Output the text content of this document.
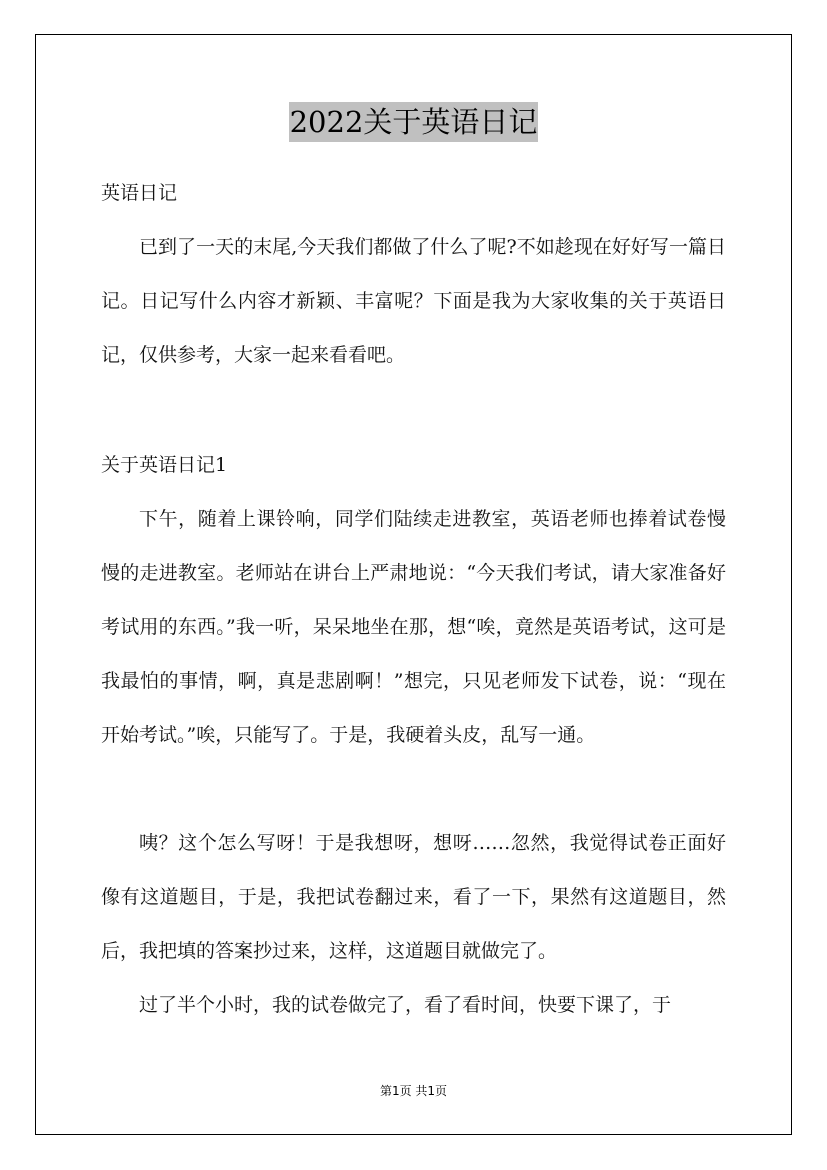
2022关于英语日记

英语日记

已到了一天的末尾,今天我们都做了什么了呢?不如趁现在好好写一篇日记。日记写什么内容才新颖、丰富呢？下面是我为大家收集的关于英语日记，仅供参考，大家一起来看看吧。

关于英语日记1

下午，随着上课铃响，同学们陆续走进教室，英语老师也捧着试卷慢慢的走进教室。老师站在讲台上严肃地说：“今天我们考试，请大家准备好考试用的东西。”我一听，呆呆地坐在那，想“唉，竟然是英语考试，这可是我最怕的事情，啊，真是悲剧啊！”想完，只见老师发下试卷，说：“现在开始考试。”唉，只能写了。于是，我硬着头皮，乱写一通。

咦？这个怎么写呀！于是我想呀，想呀……忽然，我觉得试卷正面好像有这道题目，于是，我把试卷翻过来，看了一下，果然有这道题目，然后，我把填的答案抄过来，这样，这道题目就做完了。

过了半个小时，我的试卷做完了，看了看时间，快要下课了，于

第1页 共1页
